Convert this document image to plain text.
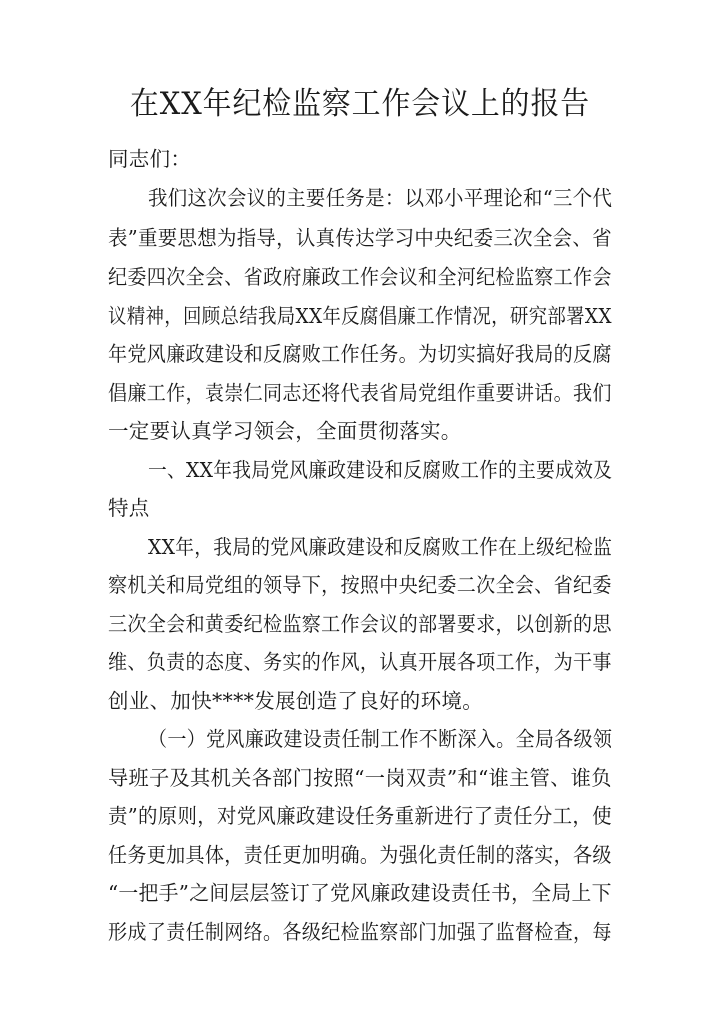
在XX年纪检监察工作会议上的报告
同志们：
我们这次会议的主要任务是：以邓小平理论和“三个代
表”重要思想为指导，认真传达学习中央纪委三次全会、省
纪委四次全会、省政府廉政工作会议和全河纪检监察工作会
议精神，回顾总结我局XX年反腐倡廉工作情况，研究部署XX
年党风廉政建设和反腐败工作任务。为切实搞好我局的反腐
倡廉工作，袁崇仁同志还将代表省局党组作重要讲话。我们
一定要认真学习领会，全面贯彻落实。
一、XX年我局党风廉政建设和反腐败工作的主要成效及
特点
XX年，我局的党风廉政建设和反腐败工作在上级纪检监
察机关和局党组的领导下，按照中央纪委二次全会、省纪委
三次全会和黄委纪检监察工作会议的部署要求，以创新的思
维、负责的态度、务实的作风，认真开展各项工作，为干事
创业、加快****发展创造了良好的环境。
（一）党风廉政建设责任制工作不断深入。全局各级领
导班子及其机关各部门按照“一岗双责”和“谁主管、谁负
责”的原则，对党风廉政建设任务重新进行了责任分工，使
任务更加具体，责任更加明确。为强化责任制的落实，各级
“一把手”之间层层签订了党风廉政建设责任书，全局上下
形成了责任制网络。各级纪检监察部门加强了监督检查，每
